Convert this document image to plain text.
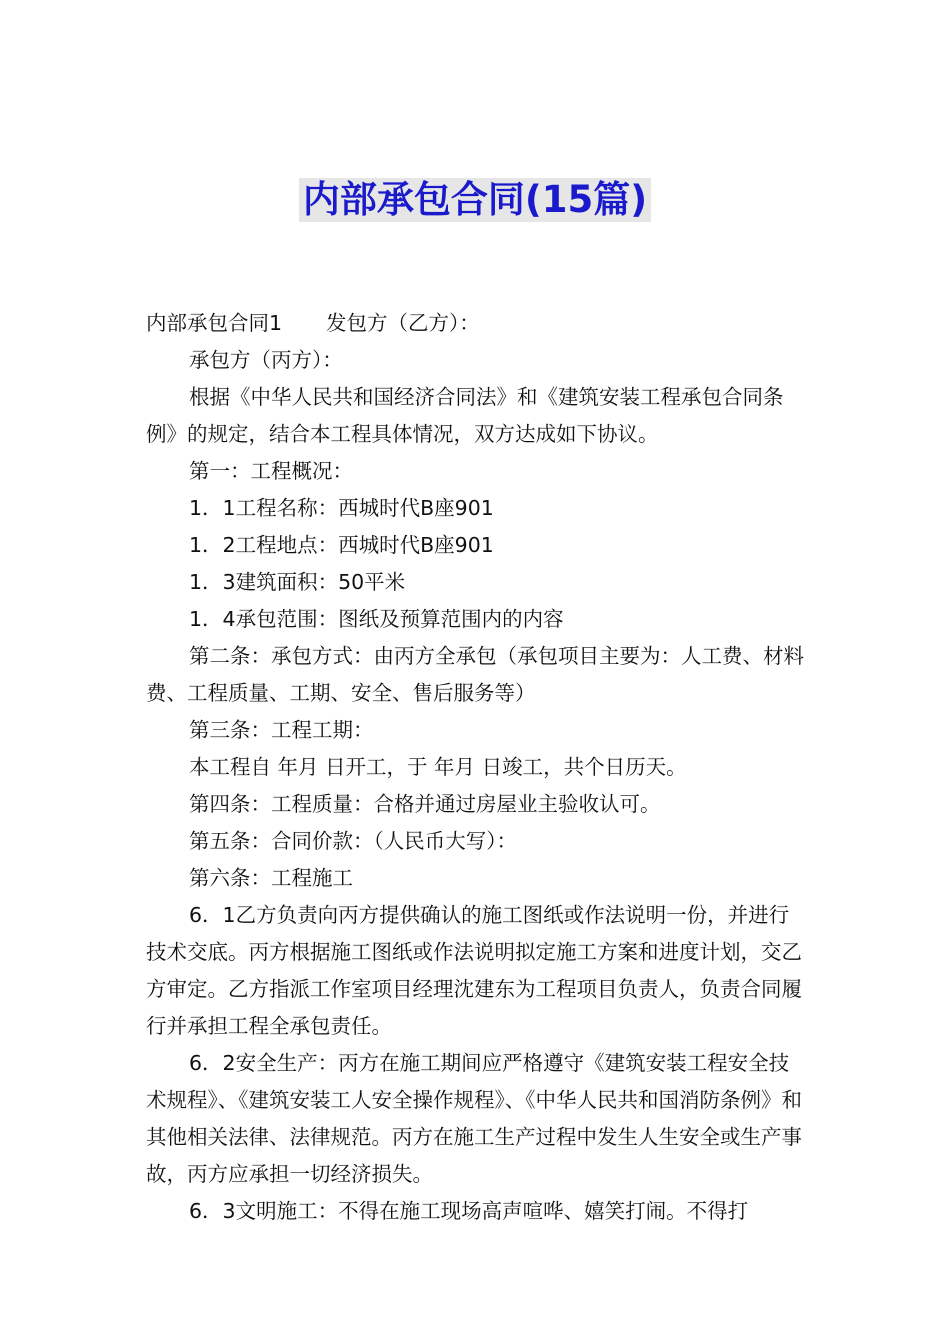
内部承包合同(15篇)

内部承包合同1 发包方（乙方）：

承包方（丙方）：

根据《中华人民共和国经济合同法》和《建筑安装工程承包合同条例》的规定，结合本工程具体情况，双方达成如下协议。

第一：工程概况：

1．1工程名称：西城时代B座901

1．2工程地点：西城时代B座901

1．3建筑面积：50平米

1．4承包范围：图纸及预算范围内的内容

第二条：承包方式：由丙方全承包（承包项目主要为：人工费、材料费、工程质量、工期、安全、售后服务等）

第三条：工程工期：

本工程自 年月 日开工，于 年月 日竣工，共个日历天。

第四条：工程质量：合格并通过房屋业主验收认可。

第五条：合同价款：（人民币大写）：

第六条：工程施工

6．1乙方负责向丙方提供确认的施工图纸或作法说明一份，并进行技术交底。丙方根据施工图纸或作法说明拟定施工方案和进度计划，交乙方审定。乙方指派工作室项目经理沈建东为工程项目负责人，负责合同履行并承担工程全承包责任。

6．2安全生产：丙方在施工期间应严格遵守《建筑安装工程安全技术规程》、《建筑安装工人安全操作规程》、《中华人民共和国消防条例》和其他相关法律、法律规范。丙方在施工生产过程中发生人生安全或生产事故，丙方应承担一切经济损失。

6．3文明施工：不得在施工现场高声喧哗、嬉笑打闹。不得打
